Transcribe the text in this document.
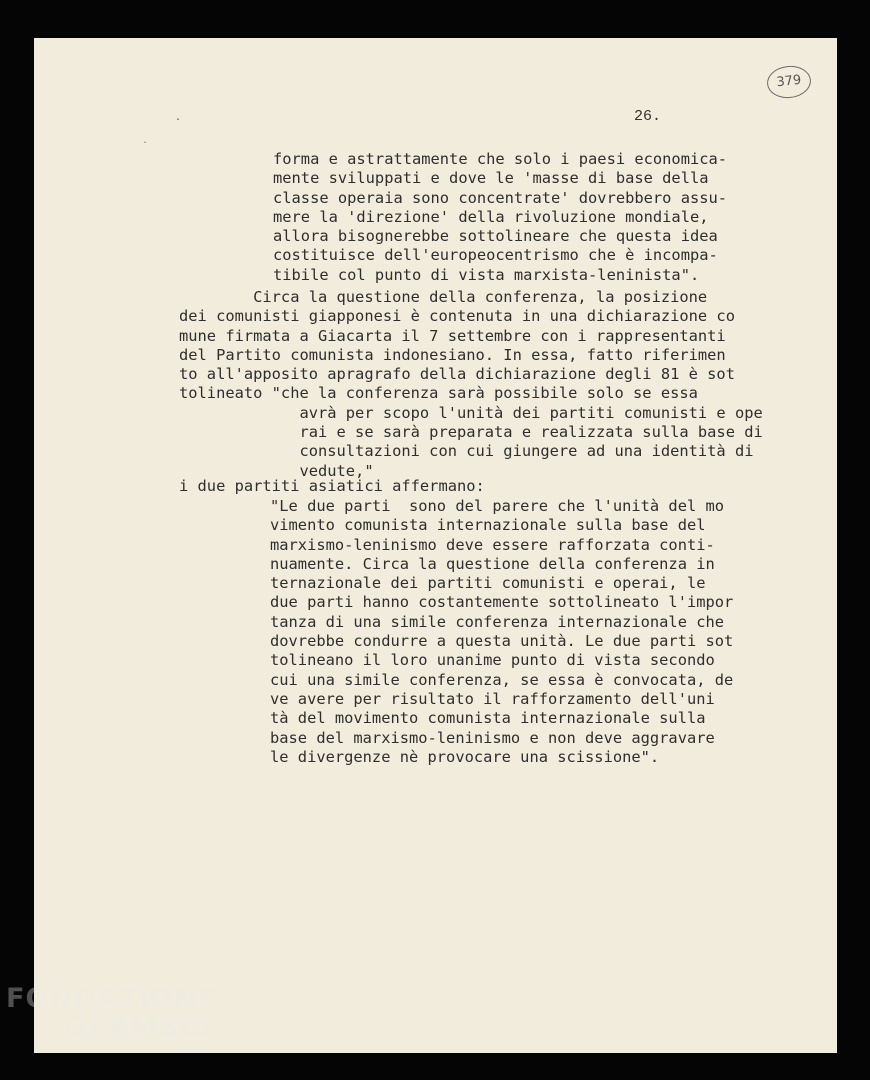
379
.
`
26.
forma e astrattamente che solo i paesi economica-
mente sviluppati e dove le 'masse di base della
classe operaia sono concentrate' dovrebbero assu-
mere la 'direzione' della rivoluzione mondiale,
allora bisognerebbe sottolineare che questa idea
costituisce dell'europeocentrismo che è incompa-
tibile col punto di vista marxista-leninista".
Circa la questione della conferenza, la posizione
dei comunisti giapponesi è contenuta in una dichiarazione co
mune firmata a Giacarta il 7 settembre con i rappresentanti
del Partito comunista indonesiano. In essa, fatto riferimen
to all'apposito apragrafo della dichiarazione degli 81 è sot
tolineato "che la conferenza sarà possibile solo se essa
avrà per scopo l'unità dei partiti comunisti e ope
rai e se sarà preparata e realizzata sulla base di
consultazioni con cui giungere ad una identità di
vedute,"
i due partiti asiatici affermano:
"Le due parti  sono del parere che l'unità del mo
vimento comunista internazionale sulla base del
marxismo-leninismo deve essere rafforzata conti-
nuamente. Circa la questione della conferenza in
ternazionale dei partiti comunisti e operai, le
due parti hanno costantemente sottolineato l'impor
tanza di una simile conferenza internazionale che
dovrebbe condurre a questa unità. Le due parti sot
tolineano il loro unanime punto di vista secondo
cui una simile conferenza, se essa è convocata, de
ve avere per risultato il rafforzamento dell'uni
tà del movimento comunista internazionale sulla
base del marxismo-leninismo e non deve aggravare
le divergenze nè provocare una scissione".
FONDAZIONE
GRAMSCI
onlus
